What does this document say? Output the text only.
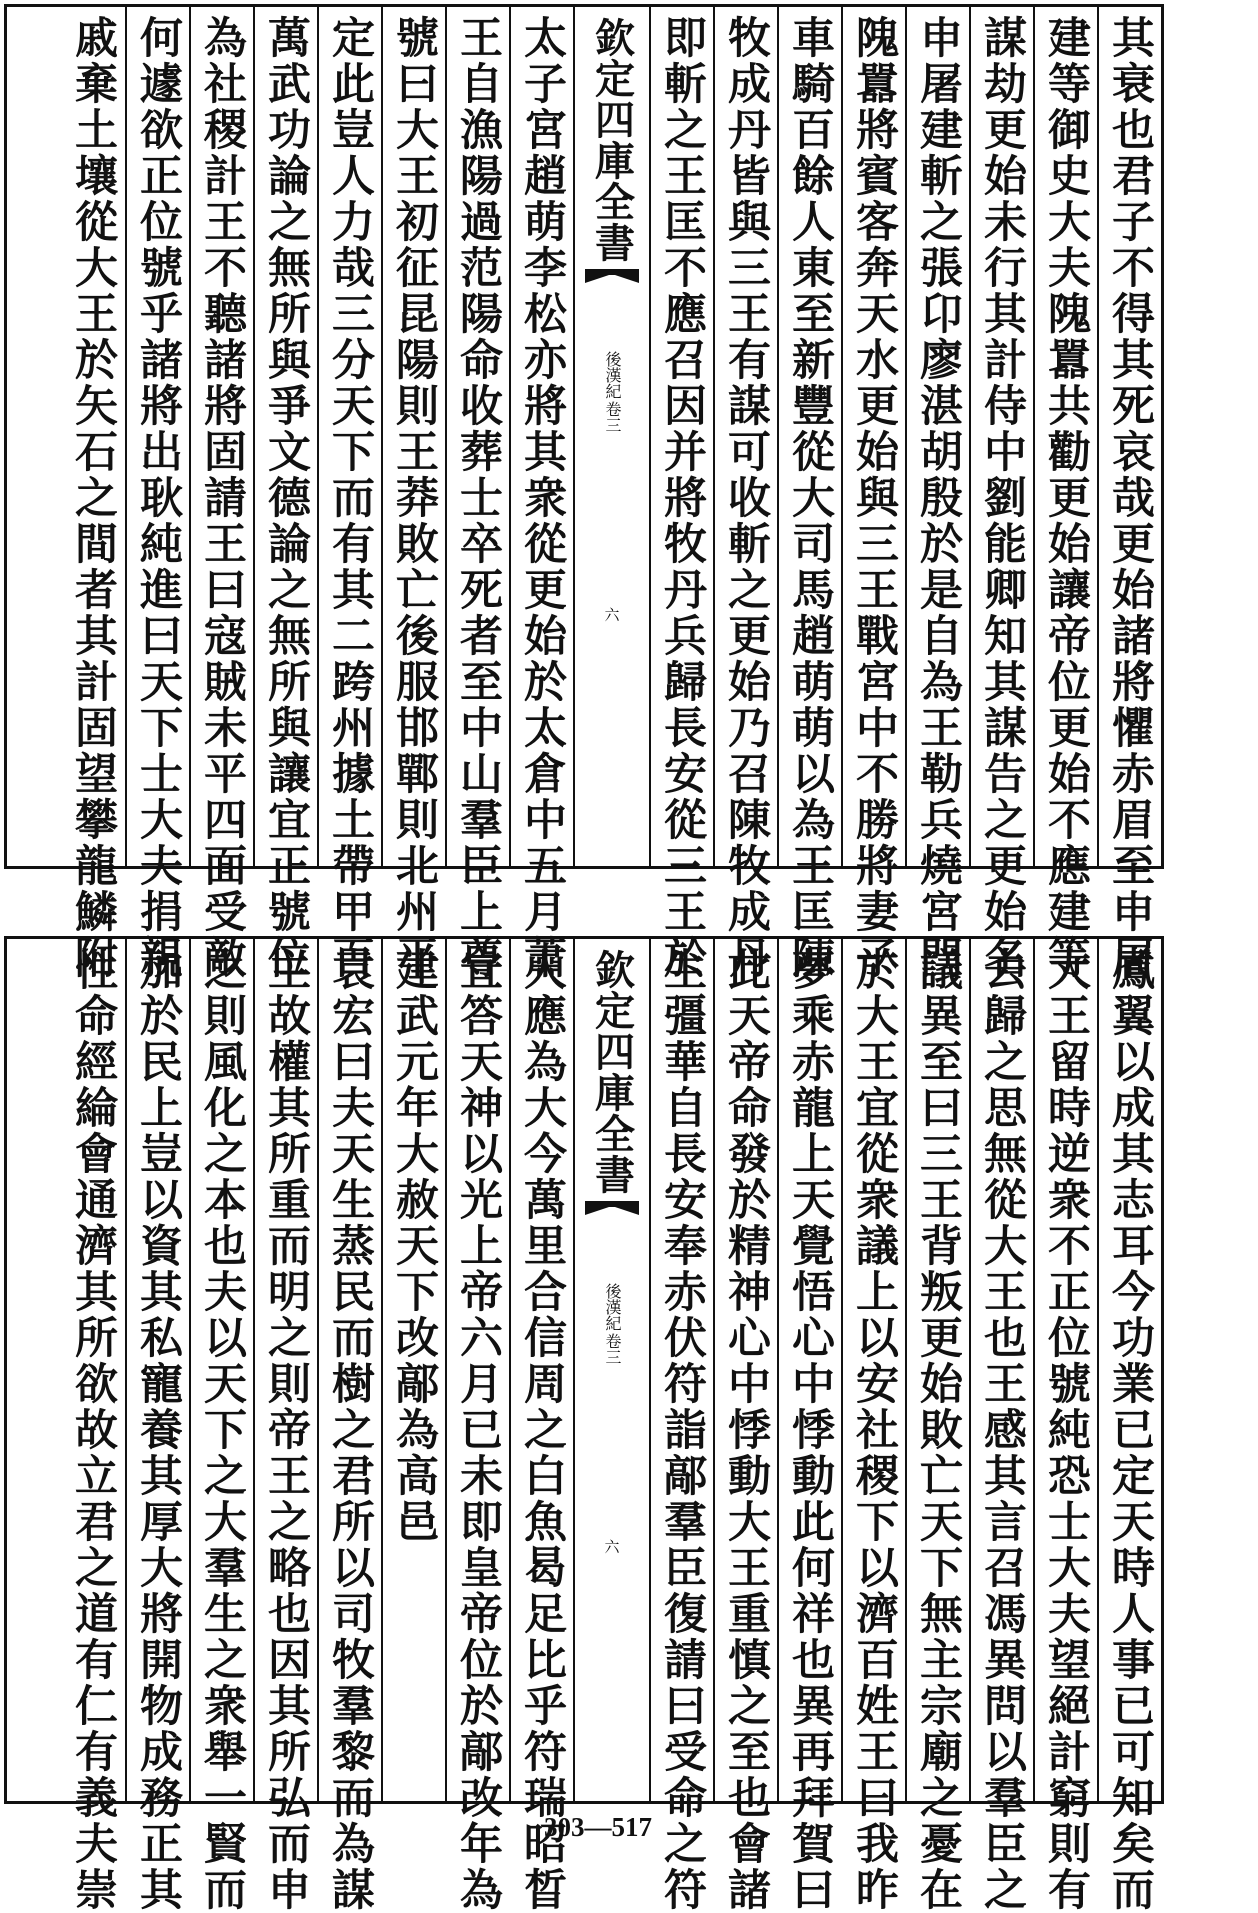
其衰也君子不得其死哀哉更始諸將懼赤眉至申屠
建等御史大夫隗囂共勸更始讓帝位更始不應建等
謀劫更始未行其計侍中劉能卿知其謀告之更始名
申屠建斬之張卬廖湛胡殷於是自為王勒兵燒宮門
隗囂將賓客奔天水更始與三王戰宮中不勝將妻子
車騎百餘人東至新豐從大司馬趙萌萌以為王匡陳
牧成丹皆與三王有謀可收斬之更始乃召陳牧成丹
即斬之王匡不應召因并將牧丹兵歸長安從三王於
欽定四庫全書
後漢紀
卷三
六
太子宮趙萌李松亦將其衆從更始於太倉中五月蕭
王自漁陽過范陽命收葬士卒死者至中山羣臣上尊
號曰大王初征昆陽則王莽敗亡後服邯鄲則北州平
定此豈人力哉三分天下而有其二跨州據土帶甲百
萬武功論之無所與爭文德論之無所與讓宜正號位
為社稷計王不聽諸將固請王曰寇賊未平四面受敵
何遽欲正位號乎諸將出耿純進曰天下士大夫捐親
戚棄土壤從大王於矢石之間者其計固望攀龍鱗附
鳳翼以成其志耳今功業已定天時人事已可知矣而
大王留時逆衆不正位號純恐士大夫望絕計窮則有
去歸之思無從大王也王感其言召馮異問以羣臣之
議異至曰三王背叛更始敗亡天下無主宗廟之憂在
於大王宜從衆議上以安社稷下以濟百姓王曰我昨
夢乘赤龍上天覺悟心中悸動此何祥也異再拜賀曰
此天帝命發於精神心中悸動大王重慎之至也會諸
生彊華自長安奉赤伏符詣鄗羣臣復請曰受命之符
欽定四庫全書
後漢紀
卷三
六
人應為大今萬里合信周之白魚曷足比乎符瑞昭晳
宜答天神以光上帝六月已未即皇帝位於鄗改年為
建武元年大赦天下改鄗為高邑
袁宏曰夫天生蒸民而樹之君所以司牧羣黎而為謀
主故權其所重而明之則帝王之略也因其所弘而申
之則風化之本也夫以天下之大羣生之衆舉一賢而
加於民上豈以資其私寵養其厚大將開物成務正其
性命經綸會通濟其所欲故立君之道有仁有義夫崇	303—517
